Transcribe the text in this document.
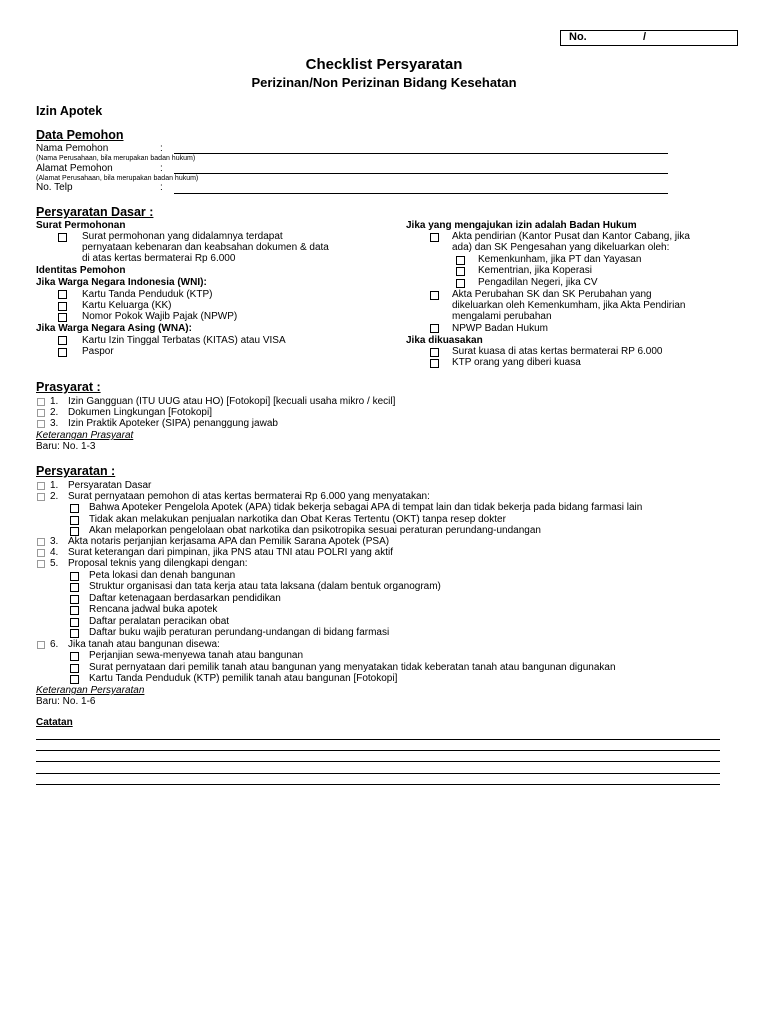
No.	/
Checklist Persyaratan
Perizinan/Non Perizinan Bidang Kesehatan
Izin Apotek
Data Pemohon
Nama Pemohon	:
(Nama Perusahaan, bila merupakan badan hukum)
Alamat Pemohon	:
(Alamat Perusahaan, bila merupakan badan hukum)
No. Telp	:
Persyaratan Dasar :
Surat Permohonan
Surat permohonan yang didalamnya terdapat
pernyataan kebenaran dan keabsahan dokumen & data
di atas kertas bermaterai Rp 6.000
Identitas Pemohon
Jika Warga Negara Indonesia (WNI):
Kartu Tanda Penduduk (KTP)
Kartu Keluarga (KK)
Nomor Pokok Wajib Pajak (NPWP)
Jika Warga Negara Asing (WNA):
Kartu Izin Tinggal Terbatas (KITAS) atau VISA
Paspor
Jika yang mengajukan izin adalah Badan Hukum
Akta pendirian (Kantor Pusat dan Kantor Cabang, jika
ada) dan SK Pengesahan yang dikeluarkan oleh:
Kemenkunham, jika PT dan Yayasan
Kementrian, jika Koperasi
Pengadilan Negeri, jika CV
Akta Perubahan SK dan SK Perubahan yang
dikeluarkan oleh Kemenkumham, jika Akta Pendirian
mengalami perubahan
NPWP Badan Hukum
Jika dikuasakan
Surat kuasa di atas kertas bermaterai RP 6.000
KTP orang yang diberi kuasa
Prasyarat :
1. Izin Gangguan (ITU UUG atau HO) [Fotokopi] [kecuali usaha mikro / kecil]
2. Dokumen Lingkungan [Fotokopi]
3. Izin Praktik Apoteker (SIPA) penanggung jawab
Keterangan Prasyarat
Baru: No. 1-3
Persyaratan :
1. Persyaratan Dasar
2. Surat pernyataan pemohon di atas kertas bermaterai Rp 6.000 yang menyatakan:
Bahwa Apoteker Pengelola Apotek (APA) tidak bekerja sebagai APA di tempat lain dan tidak bekerja pada bidang farmasi lain
Tidak akan melakukan penjualan narkotika dan Obat Keras Tertentu (OKT) tanpa resep dokter
Akan melaporkan pengelolaan obat narkotika dan psikotropika sesuai peraturan perundang-undangan
3. Akta notaris perjanjian kerjasama APA dan Pemilik Sarana Apotek (PSA)
4. Surat keterangan dari pimpinan, jika PNS atau TNI atau POLRI yang aktif
5. Proposal teknis yang dilengkapi dengan:
Peta lokasi dan denah bangunan
Struktur organisasi dan tata kerja atau tata laksana (dalam bentuk organogram)
Daftar ketenagaan berdasarkan pendidikan
Rencana jadwal buka apotek
Daftar peralatan peracikan obat
Daftar buku wajib peraturan perundang-undangan di bidang farmasi
6. Jika tanah atau bangunan disewa:
Perjanjian sewa-menyewa tanah atau bangunan
Surat pernyataan dari pemilik tanah atau bangunan yang menyatakan tidak keberatan tanah atau bangunan digunakan
Kartu Tanda Penduduk (KTP) pemilik tanah atau bangunan [Fotokopi]
Keterangan Persyaratan
Baru: No. 1-6
Catatan
